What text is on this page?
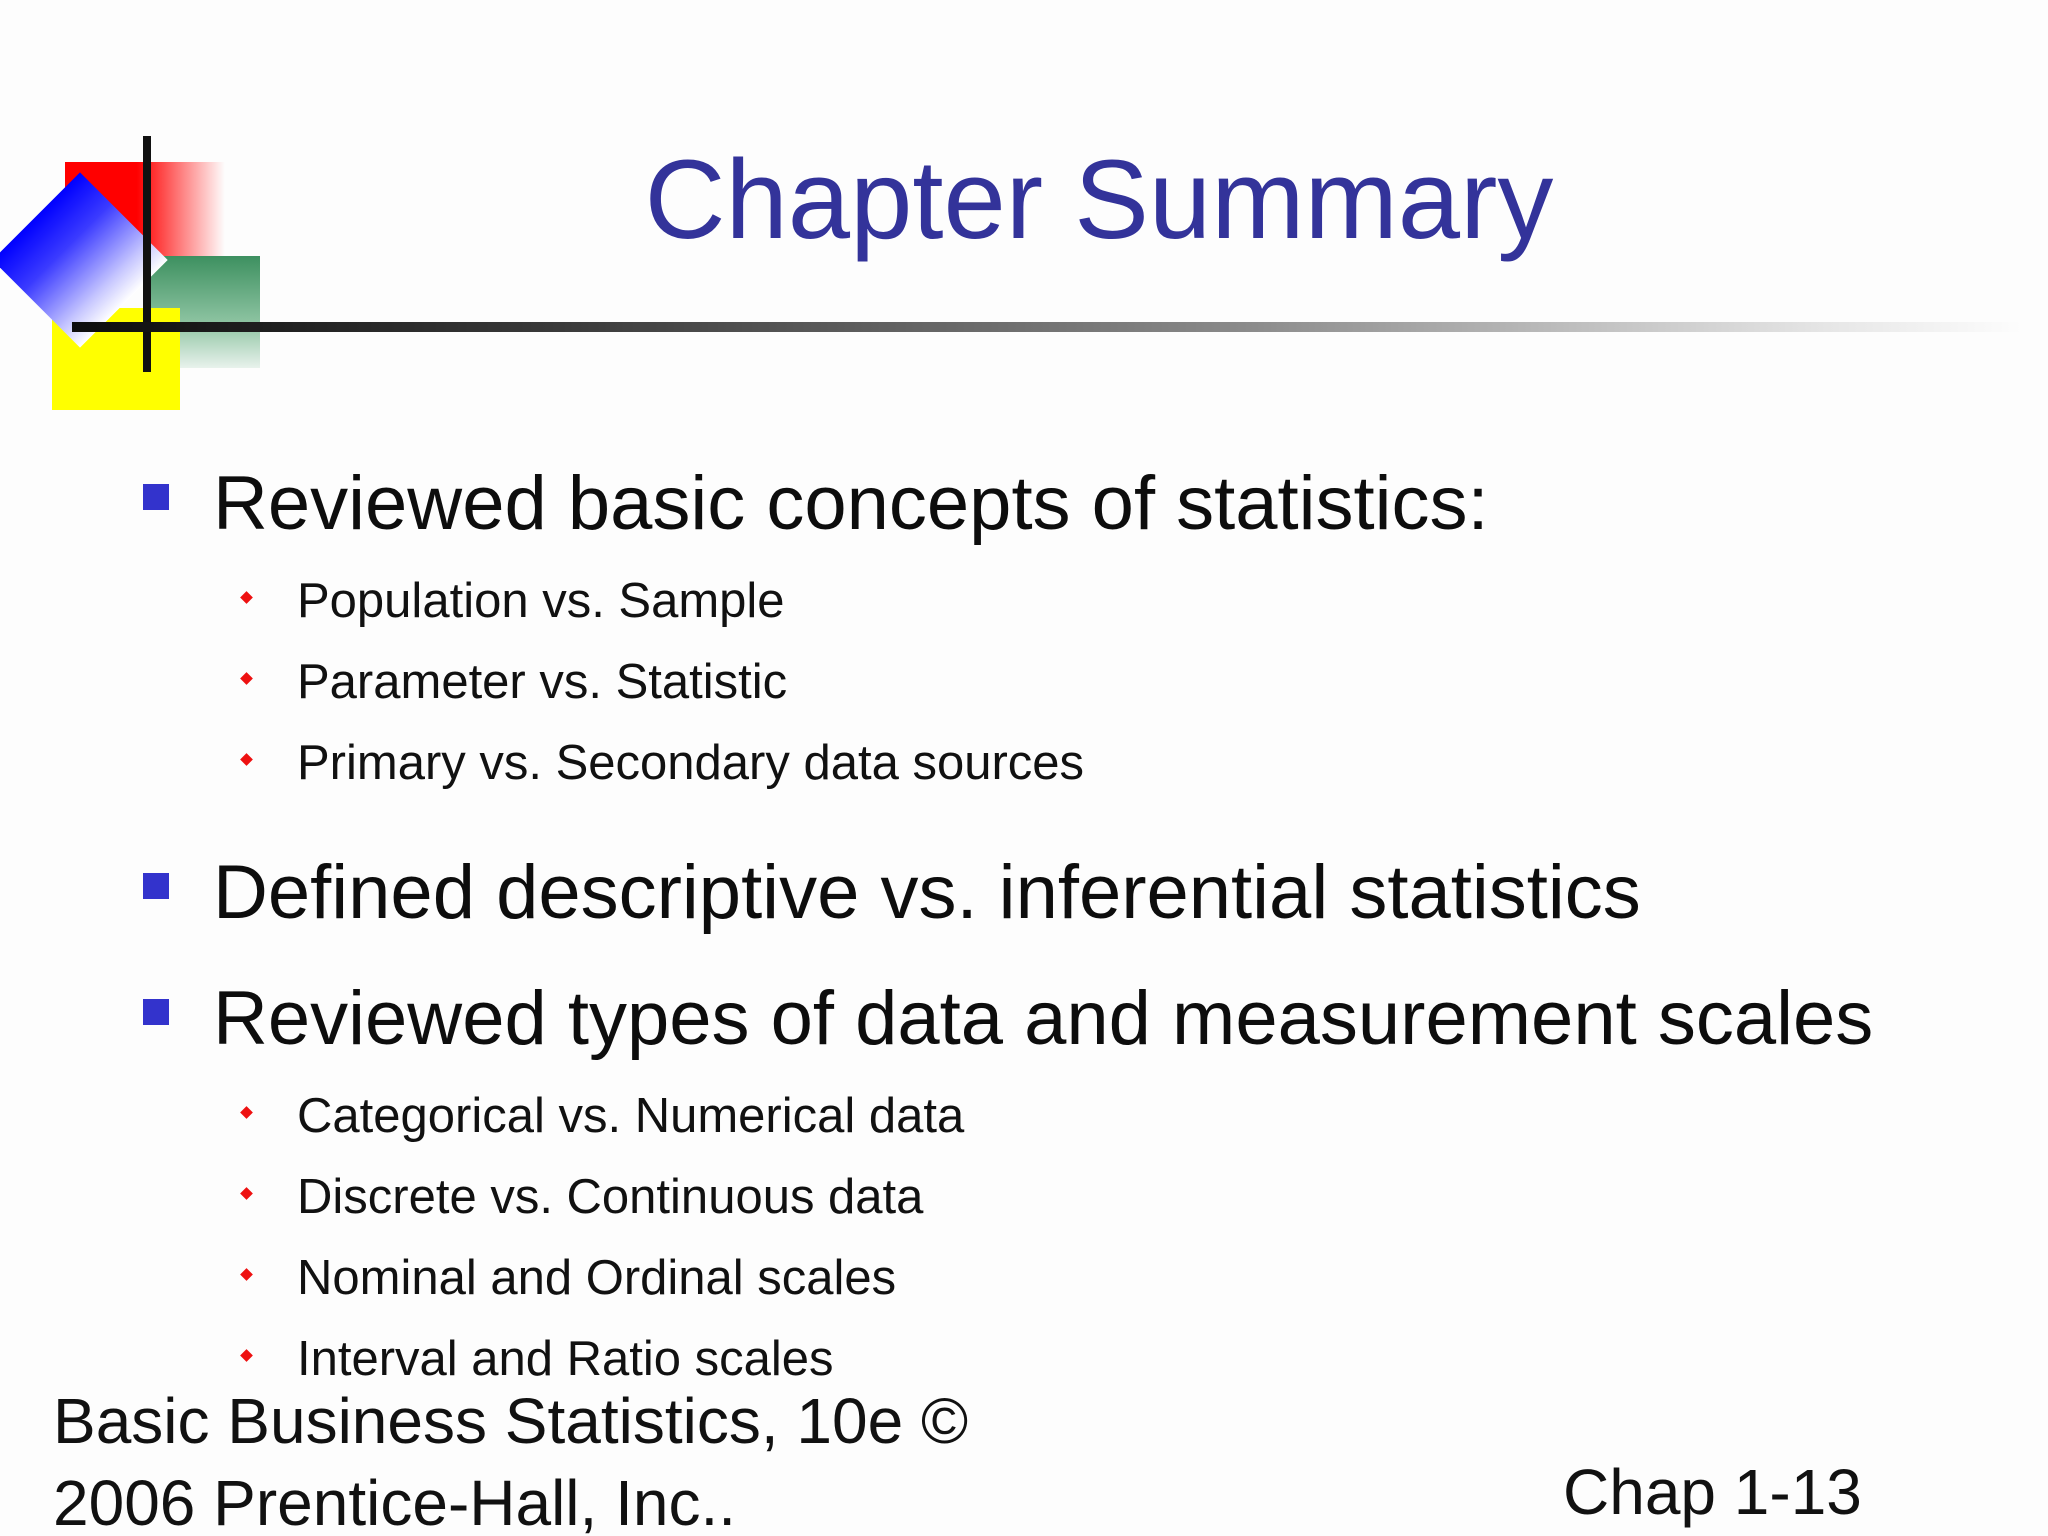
Chapter Summary
Reviewed basic concepts of statistics:
Population vs. Sample
Parameter vs. Statistic
Primary vs. Secondary data sources
Defined descriptive vs. inferential statistics
Reviewed types of data and measurement scales
Categorical vs. Numerical data
Discrete vs. Continuous data
Nominal and Ordinal scales
Interval and Ratio scales
Basic Business Statistics, 10e ©
2006 Prentice-Hall, Inc..	Chap 1-13
